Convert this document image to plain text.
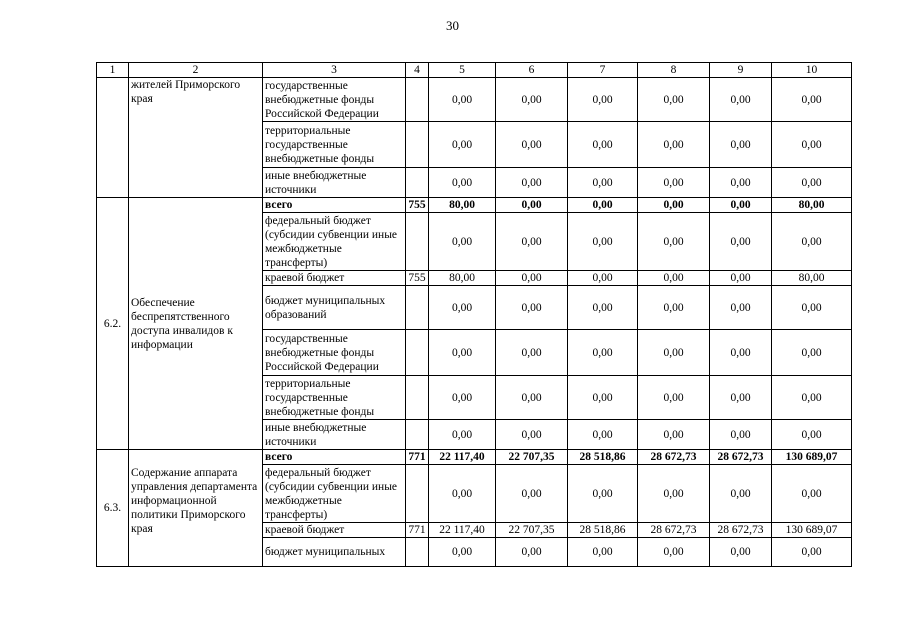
30
1	2	3	4	5	6	7	8	9	10
	жителей Приморского края	государственные внебюджетные фонды Российской Федерации		0,00	0,00	0,00	0,00	0,00	0,00
		территориальные государственные внебюджетные фонды		0,00	0,00	0,00	0,00	0,00	0,00
		иные внебюджетные источники		0,00	0,00	0,00	0,00	0,00	0,00
6.2.	Обеспечение беспрепятственного доступа инвалидов к информации	всего	755	80,00	0,00	0,00	0,00	0,00	80,00
		федеральный бюджет (субсидии субвенции иные межбюджетные трансферты)		0,00	0,00	0,00	0,00	0,00	0,00
		краевой бюджет	755	80,00	0,00	0,00	0,00	0,00	80,00
		бюджет муниципальных образований		0,00	0,00	0,00	0,00	0,00	0,00
		государственные внебюджетные фонды Российской Федерации		0,00	0,00	0,00	0,00	0,00	0,00
		территориальные государственные внебюджетные фонды		0,00	0,00	0,00	0,00	0,00	0,00
		иные внебюджетные источники		0,00	0,00	0,00	0,00	0,00	0,00
6.3.	Содержание аппарата управления департамента информационной политики Приморского края	всего	771	22 117,40	22 707,35	28 518,86	28 672,73	28 672,73	130 689,07
		федеральный бюджет (субсидии субвенции иные межбюджетные трансферты)		0,00	0,00	0,00	0,00	0,00	0,00
		краевой бюджет	771	22 117,40	22 707,35	28 518,86	28 672,73	28 672,73	130 689,07
		бюджет муниципальных		0,00	0,00	0,00	0,00	0,00	0,00
